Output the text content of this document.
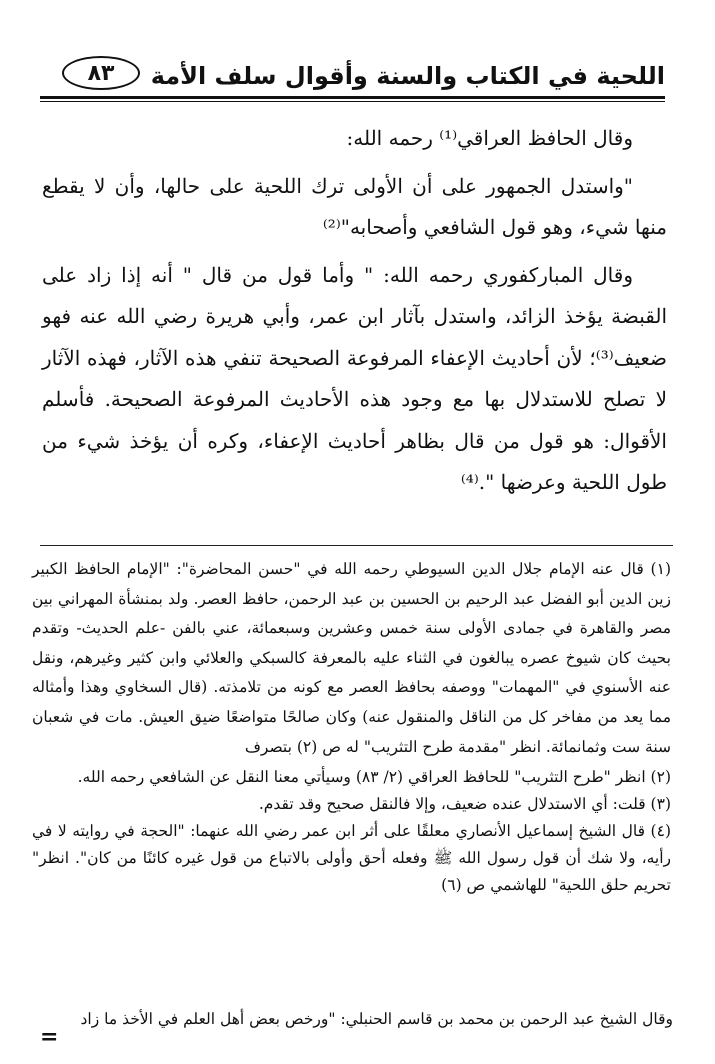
اللحية في الكتاب والسنة وأقوال سلف الأمة
٨٣

وقال الحافظ العراقي⁽¹⁾ رحمه الله:

"واستدل الجمهور على أن الأولى ترك اللحية على حالها، وأن لا يقطع منها شيء، وهو قول الشافعي وأصحابه"⁽²⁾

وقال المباركفوري رحمه الله: " وأما قول من قال " أنه إذا زاد على القبضة يؤخذ الزائد، واستدل بآثار ابن عمر، وأبي هريرة رضي الله عنه فهو ضعيف⁽³⁾؛ لأن أحاديث الإعفاء المرفوعة الصحيحة تنفي هذه الآثار، فهذه الآثار لا تصلح للاستدلال بها مع وجود هذه الأحاديث المرفوعة الصحيحة. فأسلم الأقوال: هو قول من قال بظاهر أحاديث الإعفاء، وكره أن يؤخذ شيء من طول اللحية وعرضها ".⁽⁴⁾

(١) قال عنه الإمام جلال الدين السيوطي رحمه الله في "حسن المحاضرة": "الإمام الحافظ الكبير زين الدين أبو الفضل عبد الرحيم بن الحسين بن عبد الرحمن، حافظ العصر. ولد بمنشأة المهراني بين مصر والقاهرة في جمادى الأولى سنة خمس وعشرين وسبعمائة، عني بالفن -علم الحديث- وتقدم بحيث كان شيوخ عصره يبالغون في الثناء عليه بالمعرفة كالسبكي والعلائي وابن كثير وغيرهم، ونقل عنه الأسنوي في "المهمات" ووصفه بحافظ العصر مع كونه من تلامذته. (قال السخاوي وهذا وأمثاله مما يعد من مفاخر كل من الناقل والمنقول عنه) وكان صالحًا متواضعًا ضيق العيش. مات في شعبان سنة ست وثمانمائة. انظر "مقدمة طرح التثريب" له ص (٢) بتصرف

(٢) انظر "طرح التثريب" للحافظ العراقي (٢/ ٨٣) وسيأتي معنا النقل عن الشافعي رحمه الله.

(٣) قلت: أي الاستدلال عنده ضعيف، وإلا فالنقل صحيح وقد تقدم.

(٤) قال الشيخ إسماعيل الأنصاري معلقًا على أثر ابن عمر رضي الله عنهما: "الحجة في روايته لا في رأيه، ولا شك أن قول رسول الله ﷺ وفعله أحق وأولى بالاتباع من قول غيره كائنًا من كان". انظر" تحريم حلق اللحية" للهاشمي ص (٦)

وقال الشيخ عبد الرحمن بن محمد بن قاسم الحنبلي: "ورخص بعض أهل العلم في الأخذ ما زاد
=
